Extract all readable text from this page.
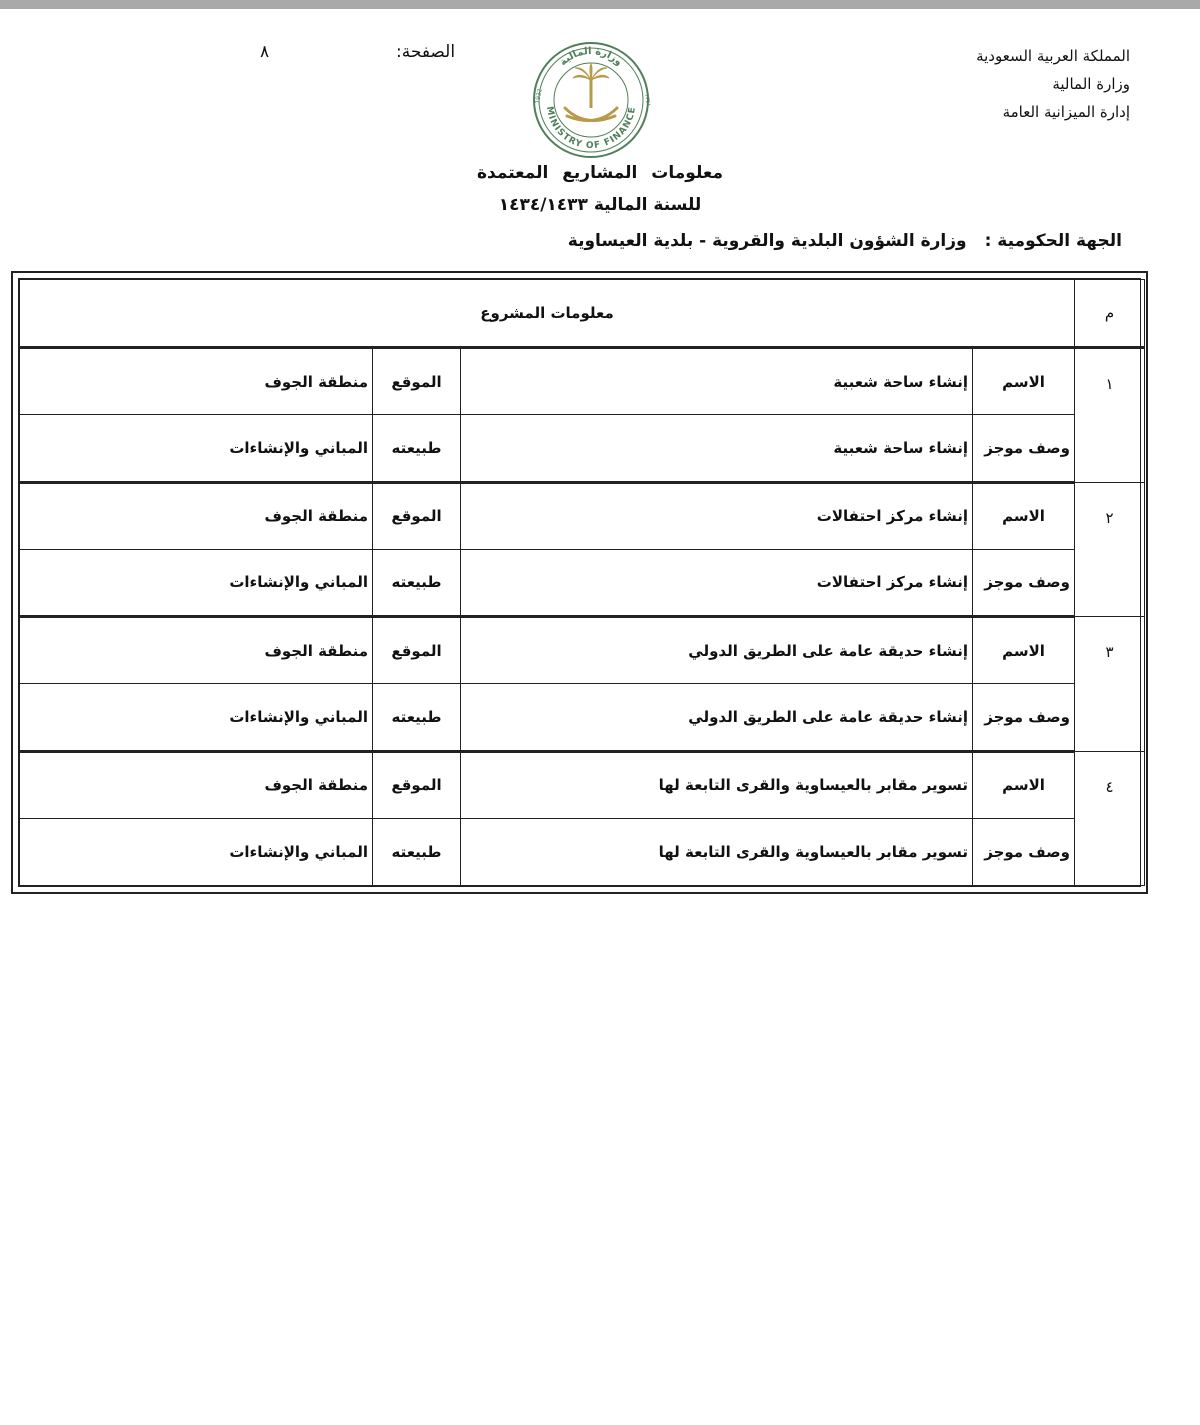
المملكة العربية السعودية
وزارة المالية
إدارة الميزانية العامة
الصفحة:
٨
MINISTRY OF FINANCE
وزارة المالية
1932	١٣٥١
معلومات المشاريع المعتمدة
للسنة المالية ١٤٣٤/١٤٣٣
الجهة الحكومية :وزارة الشؤون البلدية والقروية - بلدية العيساوية
م	معلومات المشروع			
١	الاسم	إنشاء ساحة شعبية	الموقع	منطقة الجوف
	وصف موجز	إنشاء ساحة شعبية	طبيعته	المباني والإنشاءات
٢	الاسم	إنشاء مركز احتفالات	الموقع	منطقة الجوف
	وصف موجز	إنشاء مركز احتفالات	طبيعته	المباني والإنشاءات
٣	الاسم	إنشاء حديقة عامة على الطريق الدولي	الموقع	منطقة الجوف
	وصف موجز	إنشاء حديقة عامة على الطريق الدولي	طبيعته	المباني والإنشاءات
٤	الاسم	تسوير مقابر بالعيساوية والقرى التابعة لها	الموقع	منطقة الجوف
	وصف موجز	تسوير مقابر بالعيساوية والقرى التابعة لها	طبيعته	المباني والإنشاءات
